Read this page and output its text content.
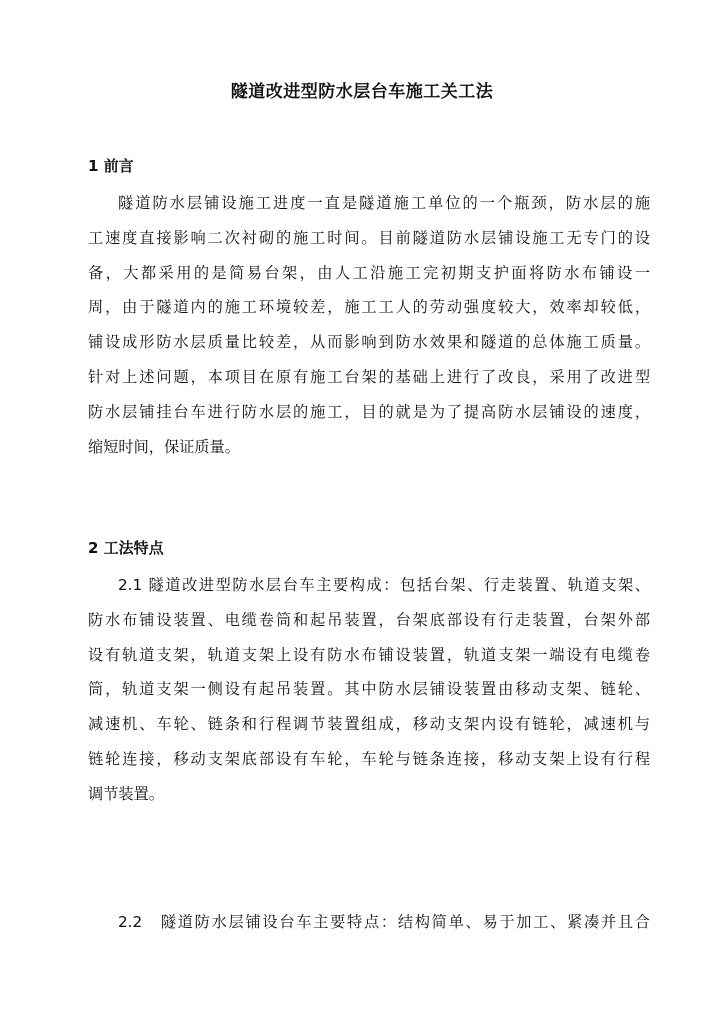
隧道改进型防水层台车施工关工法
1 前言
隧道防水层铺设施工进度一直是隧道施工单位的一个瓶颈，防水层的施
工速度直接影响二次衬砌的施工时间。目前隧道防水层铺设施工无专门的设
备，大都采用的是简易台架，由人工沿施工完初期支护面将防水布铺设一
周，由于隧道内的施工环境较差，施工工人的劳动强度较大，效率却较低，
铺设成形防水层质量比较差，从而影响到防水效果和隧道的总体施工质量。
针对上述问题，本项目在原有施工台架的基础上进行了改良，采用了改进型
防水层铺挂台车进行防水层的施工，目的就是为了提高防水层铺设的速度，
缩短时间，保证质量。
2 工法特点
2.1 隧道改进型防水层台车主要构成：包括台架、行走装置、轨道支架、
防水布铺设装置、电缆卷筒和起吊装置，台架底部设有行走装置，台架外部
设有轨道支架，轨道支架上设有防水布铺设装置，轨道支架一端设有电缆卷
筒，轨道支架一侧设有起吊装置。其中防水层铺设装置由移动支架、链轮、
减速机、车轮、链条和行程调节装置组成，移动支架内设有链轮，减速机与
链轮连接，移动支架底部设有车轮，车轮与链条连接，移动支架上设有行程
调节装置。
2.2　隧道防水层铺设台车主要特点：结构简单、易于加工、紧凑并且合
